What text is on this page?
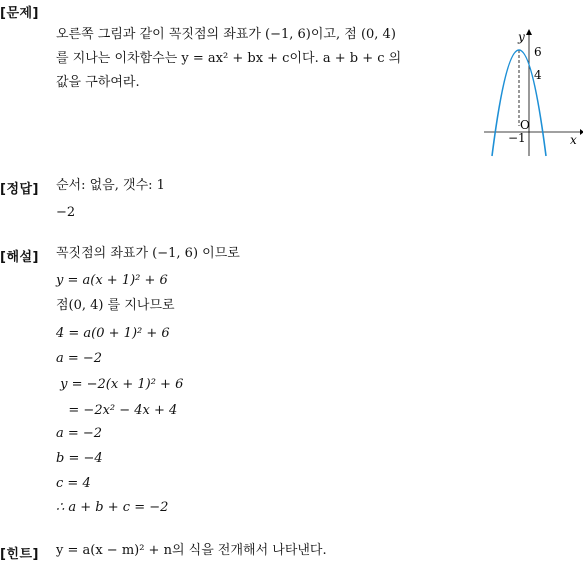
[문제]
오른쪽 그림과 같이 꼭짓점의 좌표가 (−1, 6)이고, 점 (0, 4)
를 지나는 이차함수는 y = ax² + bx + c이다. a + b + c 의
값을 구하여라.
y
x
6
4
O
−1
[정답] 순서: 없음, 갯수: 1
−2
[해설] 꼭짓점의 좌표가 (−1, 6) 이므로
y = a(x + 1)² + 6
점(0, 4) 를 지나므로
4 = a(0 + 1)² + 6
a = −2
y = −2(x + 1)² + 6
= −2x² − 4x + 4
a = −2
b = −4
c = 4
∴ a + b + c = −2
[힌트] y = a(x − m)² + n의 식을 전개해서 나타낸다.
